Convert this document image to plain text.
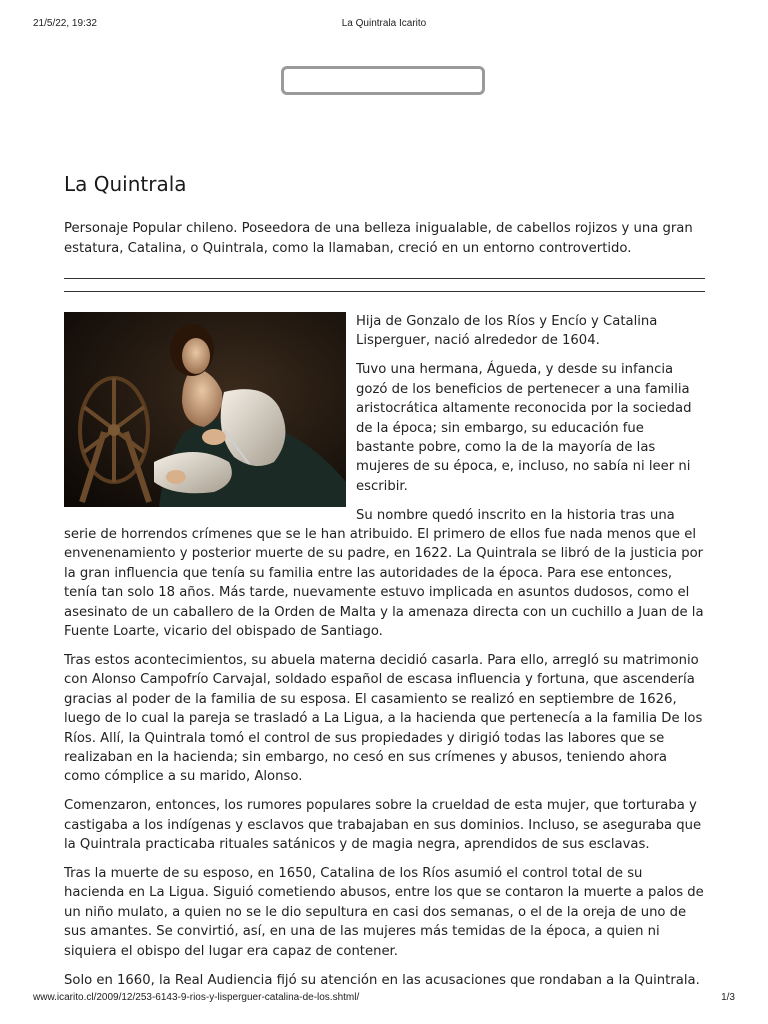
21/5/22, 19:32	La Quintrala Icarito
La Quintrala

Personaje Popular chileno. Poseedora de una belleza inigualable, de cabellos rojizos y una gran estatura, Catalina, o Quintrala, como la llamaban, creció en un entorno controvertido.

Hija de Gonzalo de los Ríos y Encío y Catalina Lisperguer, nació alrededor de 1604.

Tuvo una hermana, Águeda, y desde su infancia gozó de los beneficios de pertenecer a una familia aristocrática altamente reconocida por la sociedad de la época; sin embargo, su educación fue bastante pobre, como la de la mayoría de las mujeres de su época, e, incluso, no sabía ni leer ni escribir.

Su nombre quedó inscrito en la historia tras una serie de horrendos crímenes que se le han atribuido. El primero de ellos fue nada menos que el envenenamiento y posterior muerte de su padre, en 1622. La Quintrala se libró de la justicia por la gran influencia que tenía su familia entre las autoridades de la época. Para ese entonces, tenía tan solo 18 años. Más tarde, nuevamente estuvo implicada en asuntos dudosos, como el asesinato de un caballero de la Orden de Malta y la amenaza directa con un cuchillo a Juan de la Fuente Loarte, vicario del obispado de Santiago.

Tras estos acontecimientos, su abuela materna decidió casarla. Para ello, arregló su matrimonio con Alonso Campofrío Carvajal, soldado español de escasa influencia y fortuna, que ascendería gracias al poder de la familia de su esposa. El casamiento se realizó en septiembre de 1626, luego de lo cual la pareja se trasladó a La Ligua, a la hacienda que pertenecía a la familia De los Ríos. Allí, la Quintrala tomó el control de sus propiedades y dirigió todas las labores que se realizaban en la hacienda; sin embargo, no cesó en sus crímenes y abusos, teniendo ahora como cómplice a su marido, Alonso.

Comenzaron, entonces, los rumores populares sobre la crueldad de esta mujer, que torturaba y castigaba a los indígenas y esclavos que trabajaban en sus dominios. Incluso, se aseguraba que la Quintrala practicaba rituales satánicos y de magia negra, aprendidos de sus esclavas.

Tras la muerte de su esposo, en 1650, Catalina de los Ríos asumió el control total de su hacienda en La Ligua. Siguió cometiendo abusos, entre los que se contaron la muerte a palos de un niño mulato, a quien no se le dio sepultura en casi dos semanas, o el de la oreja de uno de sus amantes. Se convirtió, así, en una de las mujeres más temidas de la época, a quien ni siquiera el obispo del lugar era capaz de contener.

Solo en 1660, la Real Audiencia fijó su atención en las acusaciones que rondaban a la Quintrala.

www.icarito.cl/2009/12/253-6143-9-rios-y-lisperguer-catalina-de-los.shtml/	1/3
